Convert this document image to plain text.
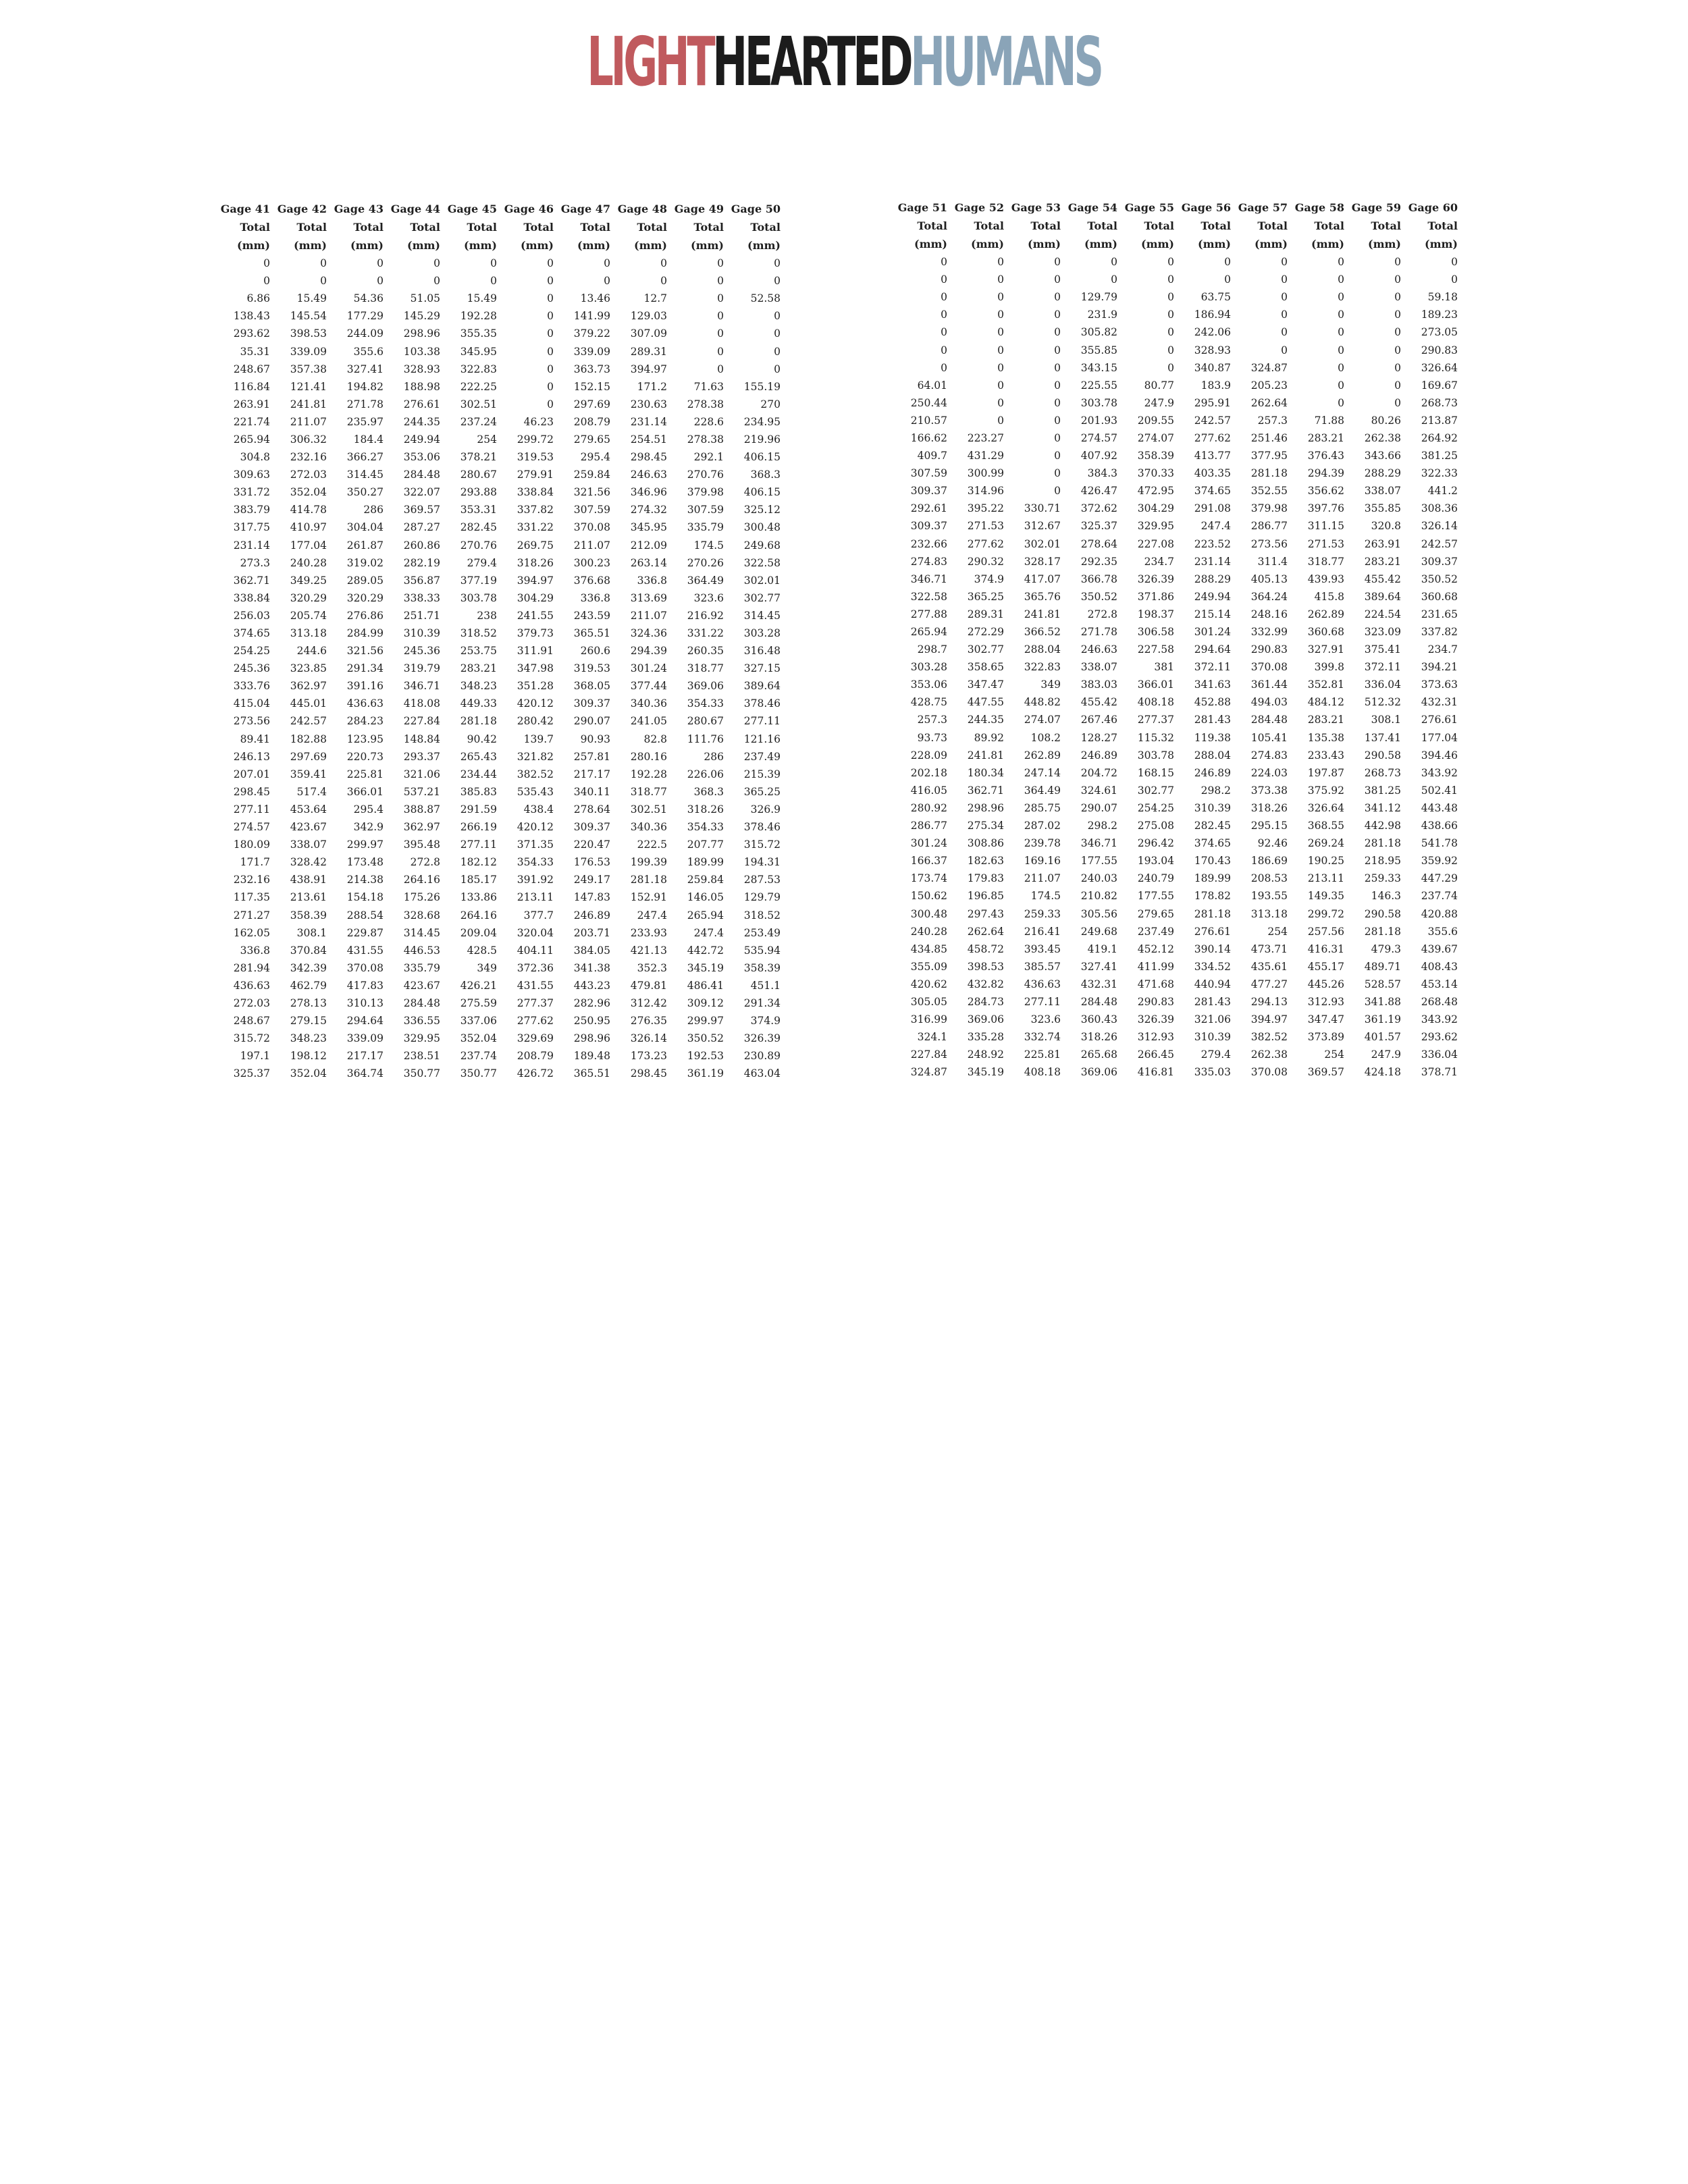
LIGHTHEARTEDHUMANS
Gage 41	Gage 42	Gage 43	Gage 44	Gage 45	Gage 46	Gage 47	Gage 48	Gage 49	Gage 50
Total	Total	Total	Total	Total	Total	Total	Total	Total	Total
(mm)	(mm)	(mm)	(mm)	(mm)	(mm)	(mm)	(mm)	(mm)	(mm)
0	0	0	0	0	0	0	0	0	0
0	0	0	0	0	0	0	0	0	0
6.86	15.49	54.36	51.05	15.49	0	13.46	12.7	0	52.58
138.43	145.54	177.29	145.29	192.28	0	141.99	129.03	0	0
293.62	398.53	244.09	298.96	355.35	0	379.22	307.09	0	0
35.31	339.09	355.6	103.38	345.95	0	339.09	289.31	0	0
248.67	357.38	327.41	328.93	322.83	0	363.73	394.97	0	0
116.84	121.41	194.82	188.98	222.25	0	152.15	171.2	71.63	155.19
263.91	241.81	271.78	276.61	302.51	0	297.69	230.63	278.38	270
221.74	211.07	235.97	244.35	237.24	46.23	208.79	231.14	228.6	234.95
265.94	306.32	184.4	249.94	254	299.72	279.65	254.51	278.38	219.96
304.8	232.16	366.27	353.06	378.21	319.53	295.4	298.45	292.1	406.15
309.63	272.03	314.45	284.48	280.67	279.91	259.84	246.63	270.76	368.3
331.72	352.04	350.27	322.07	293.88	338.84	321.56	346.96	379.98	406.15
383.79	414.78	286	369.57	353.31	337.82	307.59	274.32	307.59	325.12
317.75	410.97	304.04	287.27	282.45	331.22	370.08	345.95	335.79	300.48
231.14	177.04	261.87	260.86	270.76	269.75	211.07	212.09	174.5	249.68
273.3	240.28	319.02	282.19	279.4	318.26	300.23	263.14	270.26	322.58
362.71	349.25	289.05	356.87	377.19	394.97	376.68	336.8	364.49	302.01
338.84	320.29	320.29	338.33	303.78	304.29	336.8	313.69	323.6	302.77
256.03	205.74	276.86	251.71	238	241.55	243.59	211.07	216.92	314.45
374.65	313.18	284.99	310.39	318.52	379.73	365.51	324.36	331.22	303.28
254.25	244.6	321.56	245.36	253.75	311.91	260.6	294.39	260.35	316.48
245.36	323.85	291.34	319.79	283.21	347.98	319.53	301.24	318.77	327.15
333.76	362.97	391.16	346.71	348.23	351.28	368.05	377.44	369.06	389.64
415.04	445.01	436.63	418.08	449.33	420.12	309.37	340.36	354.33	378.46
273.56	242.57	284.23	227.84	281.18	280.42	290.07	241.05	280.67	277.11
89.41	182.88	123.95	148.84	90.42	139.7	90.93	82.8	111.76	121.16
246.13	297.69	220.73	293.37	265.43	321.82	257.81	280.16	286	237.49
207.01	359.41	225.81	321.06	234.44	382.52	217.17	192.28	226.06	215.39
298.45	517.4	366.01	537.21	385.83	535.43	340.11	318.77	368.3	365.25
277.11	453.64	295.4	388.87	291.59	438.4	278.64	302.51	318.26	326.9
274.57	423.67	342.9	362.97	266.19	420.12	309.37	340.36	354.33	378.46
180.09	338.07	299.97	395.48	277.11	371.35	220.47	222.5	207.77	315.72
171.7	328.42	173.48	272.8	182.12	354.33	176.53	199.39	189.99	194.31
232.16	438.91	214.38	264.16	185.17	391.92	249.17	281.18	259.84	287.53
117.35	213.61	154.18	175.26	133.86	213.11	147.83	152.91	146.05	129.79
271.27	358.39	288.54	328.68	264.16	377.7	246.89	247.4	265.94	318.52
162.05	308.1	229.87	314.45	209.04	320.04	203.71	233.93	247.4	253.49
336.8	370.84	431.55	446.53	428.5	404.11	384.05	421.13	442.72	535.94
281.94	342.39	370.08	335.79	349	372.36	341.38	352.3	345.19	358.39
436.63	462.79	417.83	423.67	426.21	431.55	443.23	479.81	486.41	451.1
272.03	278.13	310.13	284.48	275.59	277.37	282.96	312.42	309.12	291.34
248.67	279.15	294.64	336.55	337.06	277.62	250.95	276.35	299.97	374.9
315.72	348.23	339.09	329.95	352.04	329.69	298.96	326.14	350.52	326.39
197.1	198.12	217.17	238.51	237.74	208.79	189.48	173.23	192.53	230.89
325.37	352.04	364.74	350.77	350.77	426.72	365.51	298.45	361.19	463.04
Gage 51	Gage 52	Gage 53	Gage 54	Gage 55	Gage 56	Gage 57	Gage 58	Gage 59	Gage 60
Total	Total	Total	Total	Total	Total	Total	Total	Total	Total
(mm)	(mm)	(mm)	(mm)	(mm)	(mm)	(mm)	(mm)	(mm)	(mm)
0	0	0	0	0	0	0	0	0	0
0	0	0	0	0	0	0	0	0	0
0	0	0	129.79	0	63.75	0	0	0	59.18
0	0	0	231.9	0	186.94	0	0	0	189.23
0	0	0	305.82	0	242.06	0	0	0	273.05
0	0	0	355.85	0	328.93	0	0	0	290.83
0	0	0	343.15	0	340.87	324.87	0	0	326.64
64.01	0	0	225.55	80.77	183.9	205.23	0	0	169.67
250.44	0	0	303.78	247.9	295.91	262.64	0	0	268.73
210.57	0	0	201.93	209.55	242.57	257.3	71.88	80.26	213.87
166.62	223.27	0	274.57	274.07	277.62	251.46	283.21	262.38	264.92
409.7	431.29	0	407.92	358.39	413.77	377.95	376.43	343.66	381.25
307.59	300.99	0	384.3	370.33	403.35	281.18	294.39	288.29	322.33
309.37	314.96	0	426.47	472.95	374.65	352.55	356.62	338.07	441.2
292.61	395.22	330.71	372.62	304.29	291.08	379.98	397.76	355.85	308.36
309.37	271.53	312.67	325.37	329.95	247.4	286.77	311.15	320.8	326.14
232.66	277.62	302.01	278.64	227.08	223.52	273.56	271.53	263.91	242.57
274.83	290.32	328.17	292.35	234.7	231.14	311.4	318.77	283.21	309.37
346.71	374.9	417.07	366.78	326.39	288.29	405.13	439.93	455.42	350.52
322.58	365.25	365.76	350.52	371.86	249.94	364.24	415.8	389.64	360.68
277.88	289.31	241.81	272.8	198.37	215.14	248.16	262.89	224.54	231.65
265.94	272.29	366.52	271.78	306.58	301.24	332.99	360.68	323.09	337.82
298.7	302.77	288.04	246.63	227.58	294.64	290.83	327.91	375.41	234.7
303.28	358.65	322.83	338.07	381	372.11	370.08	399.8	372.11	394.21
353.06	347.47	349	383.03	366.01	341.63	361.44	352.81	336.04	373.63
428.75	447.55	448.82	455.42	408.18	452.88	494.03	484.12	512.32	432.31
257.3	244.35	274.07	267.46	277.37	281.43	284.48	283.21	308.1	276.61
93.73	89.92	108.2	128.27	115.32	119.38	105.41	135.38	137.41	177.04
228.09	241.81	262.89	246.89	303.78	288.04	274.83	233.43	290.58	394.46
202.18	180.34	247.14	204.72	168.15	246.89	224.03	197.87	268.73	343.92
416.05	362.71	364.49	324.61	302.77	298.2	373.38	375.92	381.25	502.41
280.92	298.96	285.75	290.07	254.25	310.39	318.26	326.64	341.12	443.48
286.77	275.34	287.02	298.2	275.08	282.45	295.15	368.55	442.98	438.66
301.24	308.86	239.78	346.71	296.42	374.65	92.46	269.24	281.18	541.78
166.37	182.63	169.16	177.55	193.04	170.43	186.69	190.25	218.95	359.92
173.74	179.83	211.07	240.03	240.79	189.99	208.53	213.11	259.33	447.29
150.62	196.85	174.5	210.82	177.55	178.82	193.55	149.35	146.3	237.74
300.48	297.43	259.33	305.56	279.65	281.18	313.18	299.72	290.58	420.88
240.28	262.64	216.41	249.68	237.49	276.61	254	257.56	281.18	355.6
434.85	458.72	393.45	419.1	452.12	390.14	473.71	416.31	479.3	439.67
355.09	398.53	385.57	327.41	411.99	334.52	435.61	455.17	489.71	408.43
420.62	432.82	436.63	432.31	471.68	440.94	477.27	445.26	528.57	453.14
305.05	284.73	277.11	284.48	290.83	281.43	294.13	312.93	341.88	268.48
316.99	369.06	323.6	360.43	326.39	321.06	394.97	347.47	361.19	343.92
324.1	335.28	332.74	318.26	312.93	310.39	382.52	373.89	401.57	293.62
227.84	248.92	225.81	265.68	266.45	279.4	262.38	254	247.9	336.04
324.87	345.19	408.18	369.06	416.81	335.03	370.08	369.57	424.18	378.71
